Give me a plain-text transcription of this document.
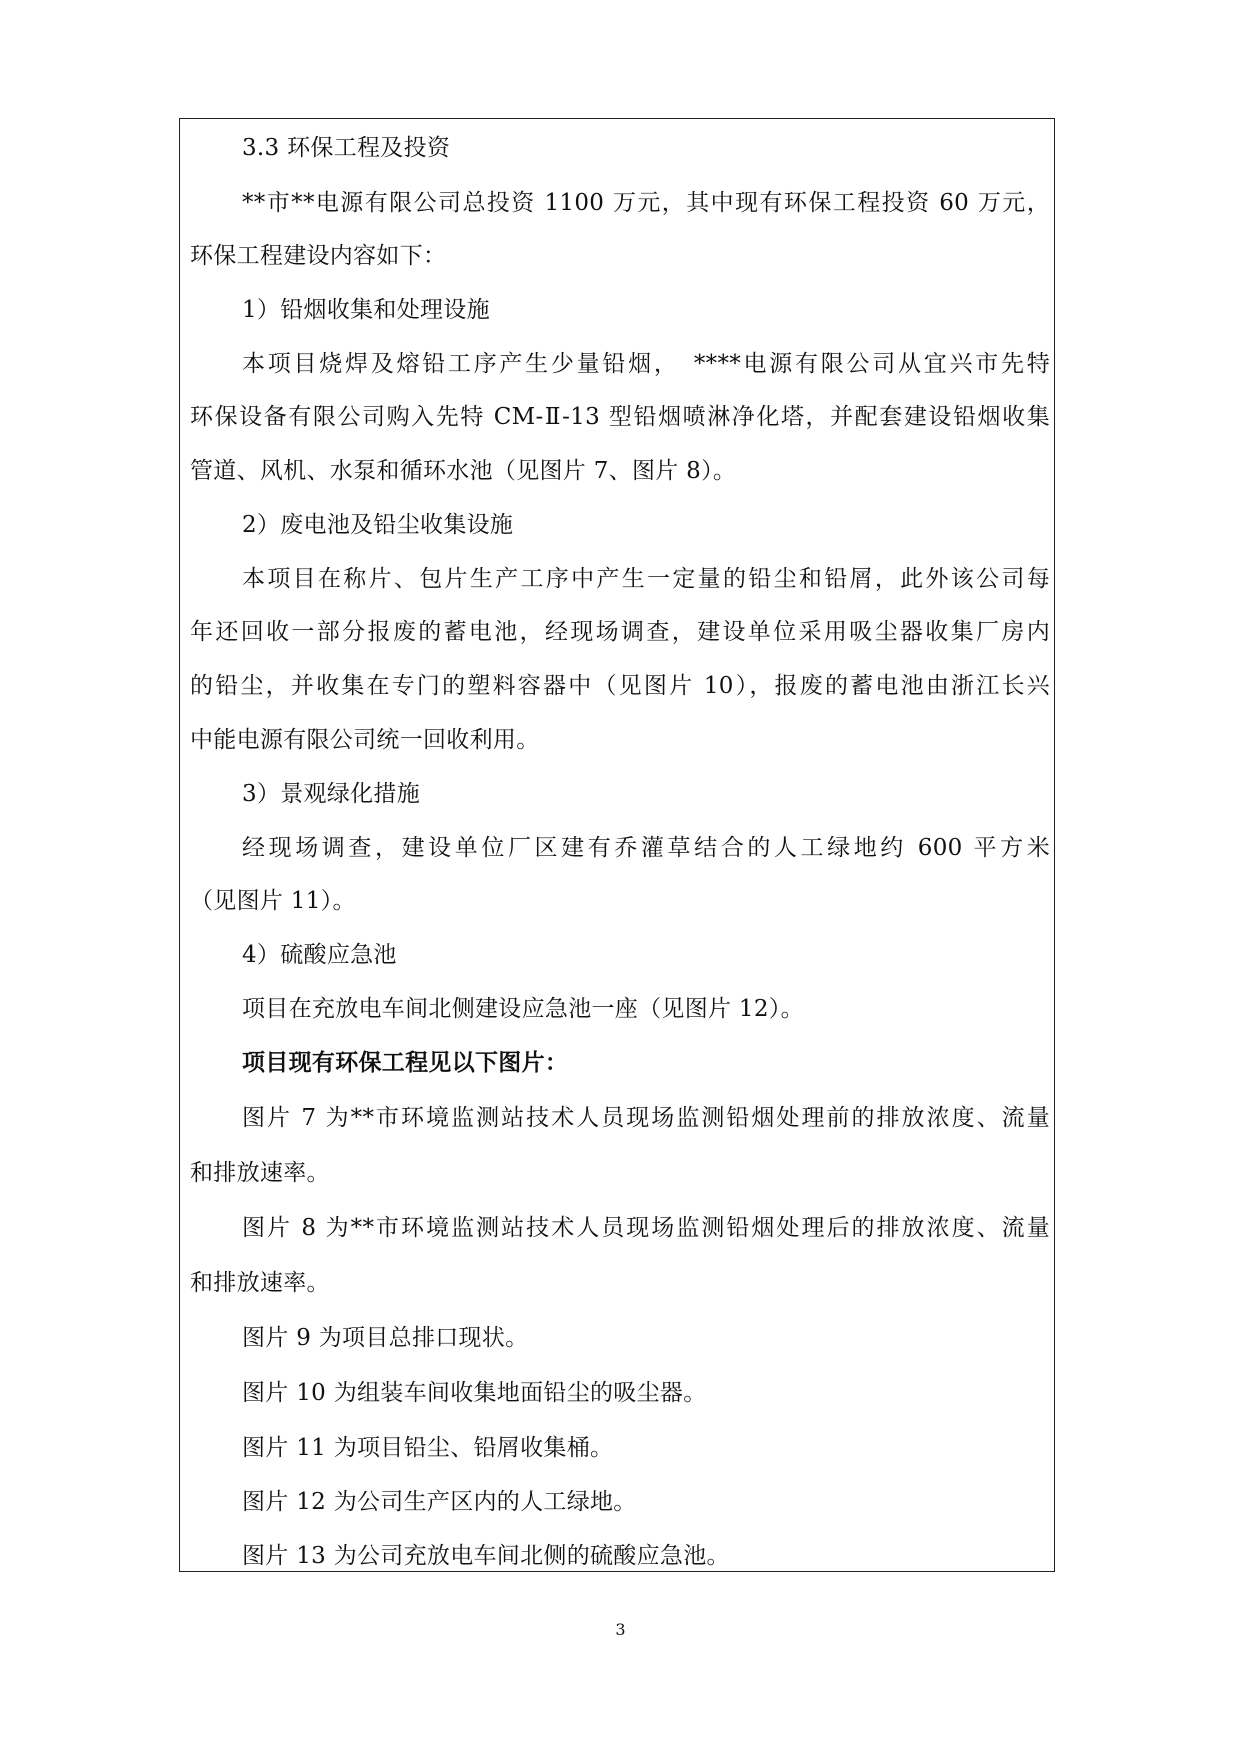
3.3 环保工程及投资
**市**电源有限公司总投资 1100 万元，其中现有环保工程投资 60 万元，
环保工程建设内容如下：
1）铅烟收集和处理设施
本项目烧焊及熔铅工序产生少量铅烟，　****电源有限公司从宜兴市先特
环保设备有限公司购入先特 CM-Ⅱ-13 型铅烟喷淋净化塔，并配套建设铅烟收集
管道、风机、水泵和循环水池（见图片 7、图片 8）。
2）废电池及铅尘收集设施
本项目在称片、包片生产工序中产生一定量的铅尘和铅屑，此外该公司每
年还回收一部分报废的蓄电池，经现场调查，建设单位采用吸尘器收集厂房内
的铅尘，并收集在专门的塑料容器中（见图片 10），报废的蓄电池由浙江长兴
中能电源有限公司统一回收利用。
3）景观绿化措施
经现场调查，建设单位厂区建有乔灌草结合的人工绿地约 600 平方米
（见图片 11）。
4）硫酸应急池
项目在充放电车间北侧建设应急池一座（见图片 12）。
项目现有环保工程见以下图片：
图片 7 为**市环境监测站技术人员现场监测铅烟处理前的排放浓度、流量
和排放速率。
图片 8 为**市环境监测站技术人员现场监测铅烟处理后的排放浓度、流量
和排放速率。
图片 9 为项目总排口现状。
图片 10 为组装车间收集地面铅尘的吸尘器。
图片 11 为项目铅尘、铅屑收集桶。
图片 12 为公司生产区内的人工绿地。
图片 13 为公司充放电车间北侧的硫酸应急池。
3
